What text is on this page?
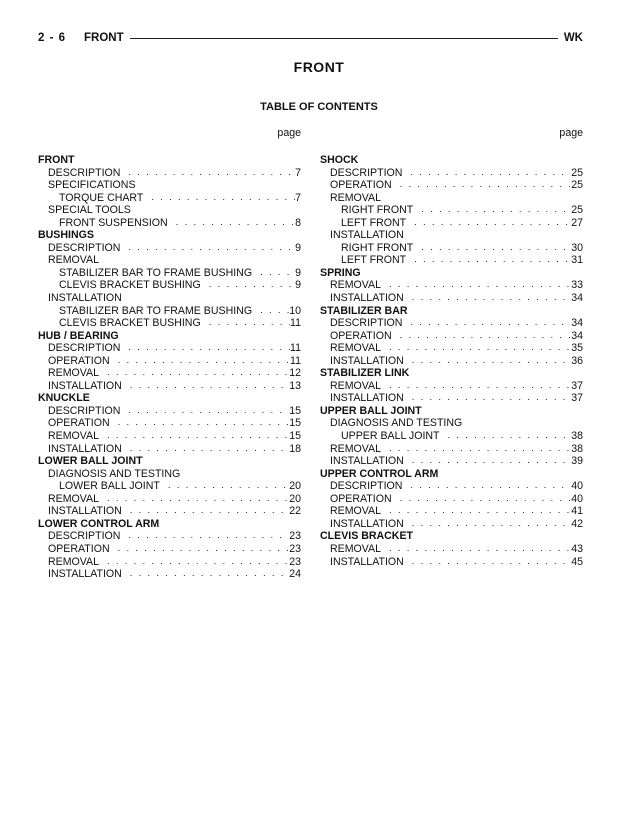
2 - 6 FRONT	WK
FRONT
TABLE OF CONTENTS
page
FRONT
DESCRIPTION . . .	7
SPECIFICATIONS
TORQUE CHART . . .	7
SPECIAL TOOLS
FRONT SUSPENSION . . .	8
BUSHINGS
DESCRIPTION . . .	9
REMOVAL
STABILIZER BAR TO FRAME BUSHING . . .	9
CLEVIS BRACKET BUSHING . . .	9
INSTALLATION
STABILIZER BAR TO FRAME BUSHING . . .	10
CLEVIS BRACKET BUSHING . . .	11
HUB / BEARING
DESCRIPTION . . .	11
OPERATION . . .	11
REMOVAL . . .	12
INSTALLATION . . .	13
KNUCKLE
DESCRIPTION . . .	15
OPERATION . . .	15
REMOVAL . . .	15
INSTALLATION . . .	18
LOWER BALL JOINT
DIAGNOSIS AND TESTING
LOWER BALL JOINT . . .	20
REMOVAL . . .	20
INSTALLATION . . .	22
LOWER CONTROL ARM
DESCRIPTION . . .	23
OPERATION . . .	23
REMOVAL . . .	23
INSTALLATION . . .	24
page
SHOCK
DESCRIPTION . . .	25
OPERATION . . .	25
REMOVAL
RIGHT FRONT . . .	25
LEFT FRONT . . .	27
INSTALLATION
RIGHT FRONT . . .	30
LEFT FRONT . . .	31
SPRING
REMOVAL . . .	33
INSTALLATION . . .	34
STABILIZER BAR
DESCRIPTION . . .	34
OPERATION . . .	34
REMOVAL . . .	35
INSTALLATION . . .	36
STABILIZER LINK
REMOVAL . . .	37
INSTALLATION . . .	37
UPPER BALL JOINT
DIAGNOSIS AND TESTING
UPPER BALL JOINT . . .	38
REMOVAL . . .	38
INSTALLATION . . .	39
UPPER CONTROL ARM
DESCRIPTION . . .	40
OPERATION . . .	40
REMOVAL . . .	41
INSTALLATION . . .	42
CLEVIS BRACKET
REMOVAL . . .	43
INSTALLATION . . .	45
